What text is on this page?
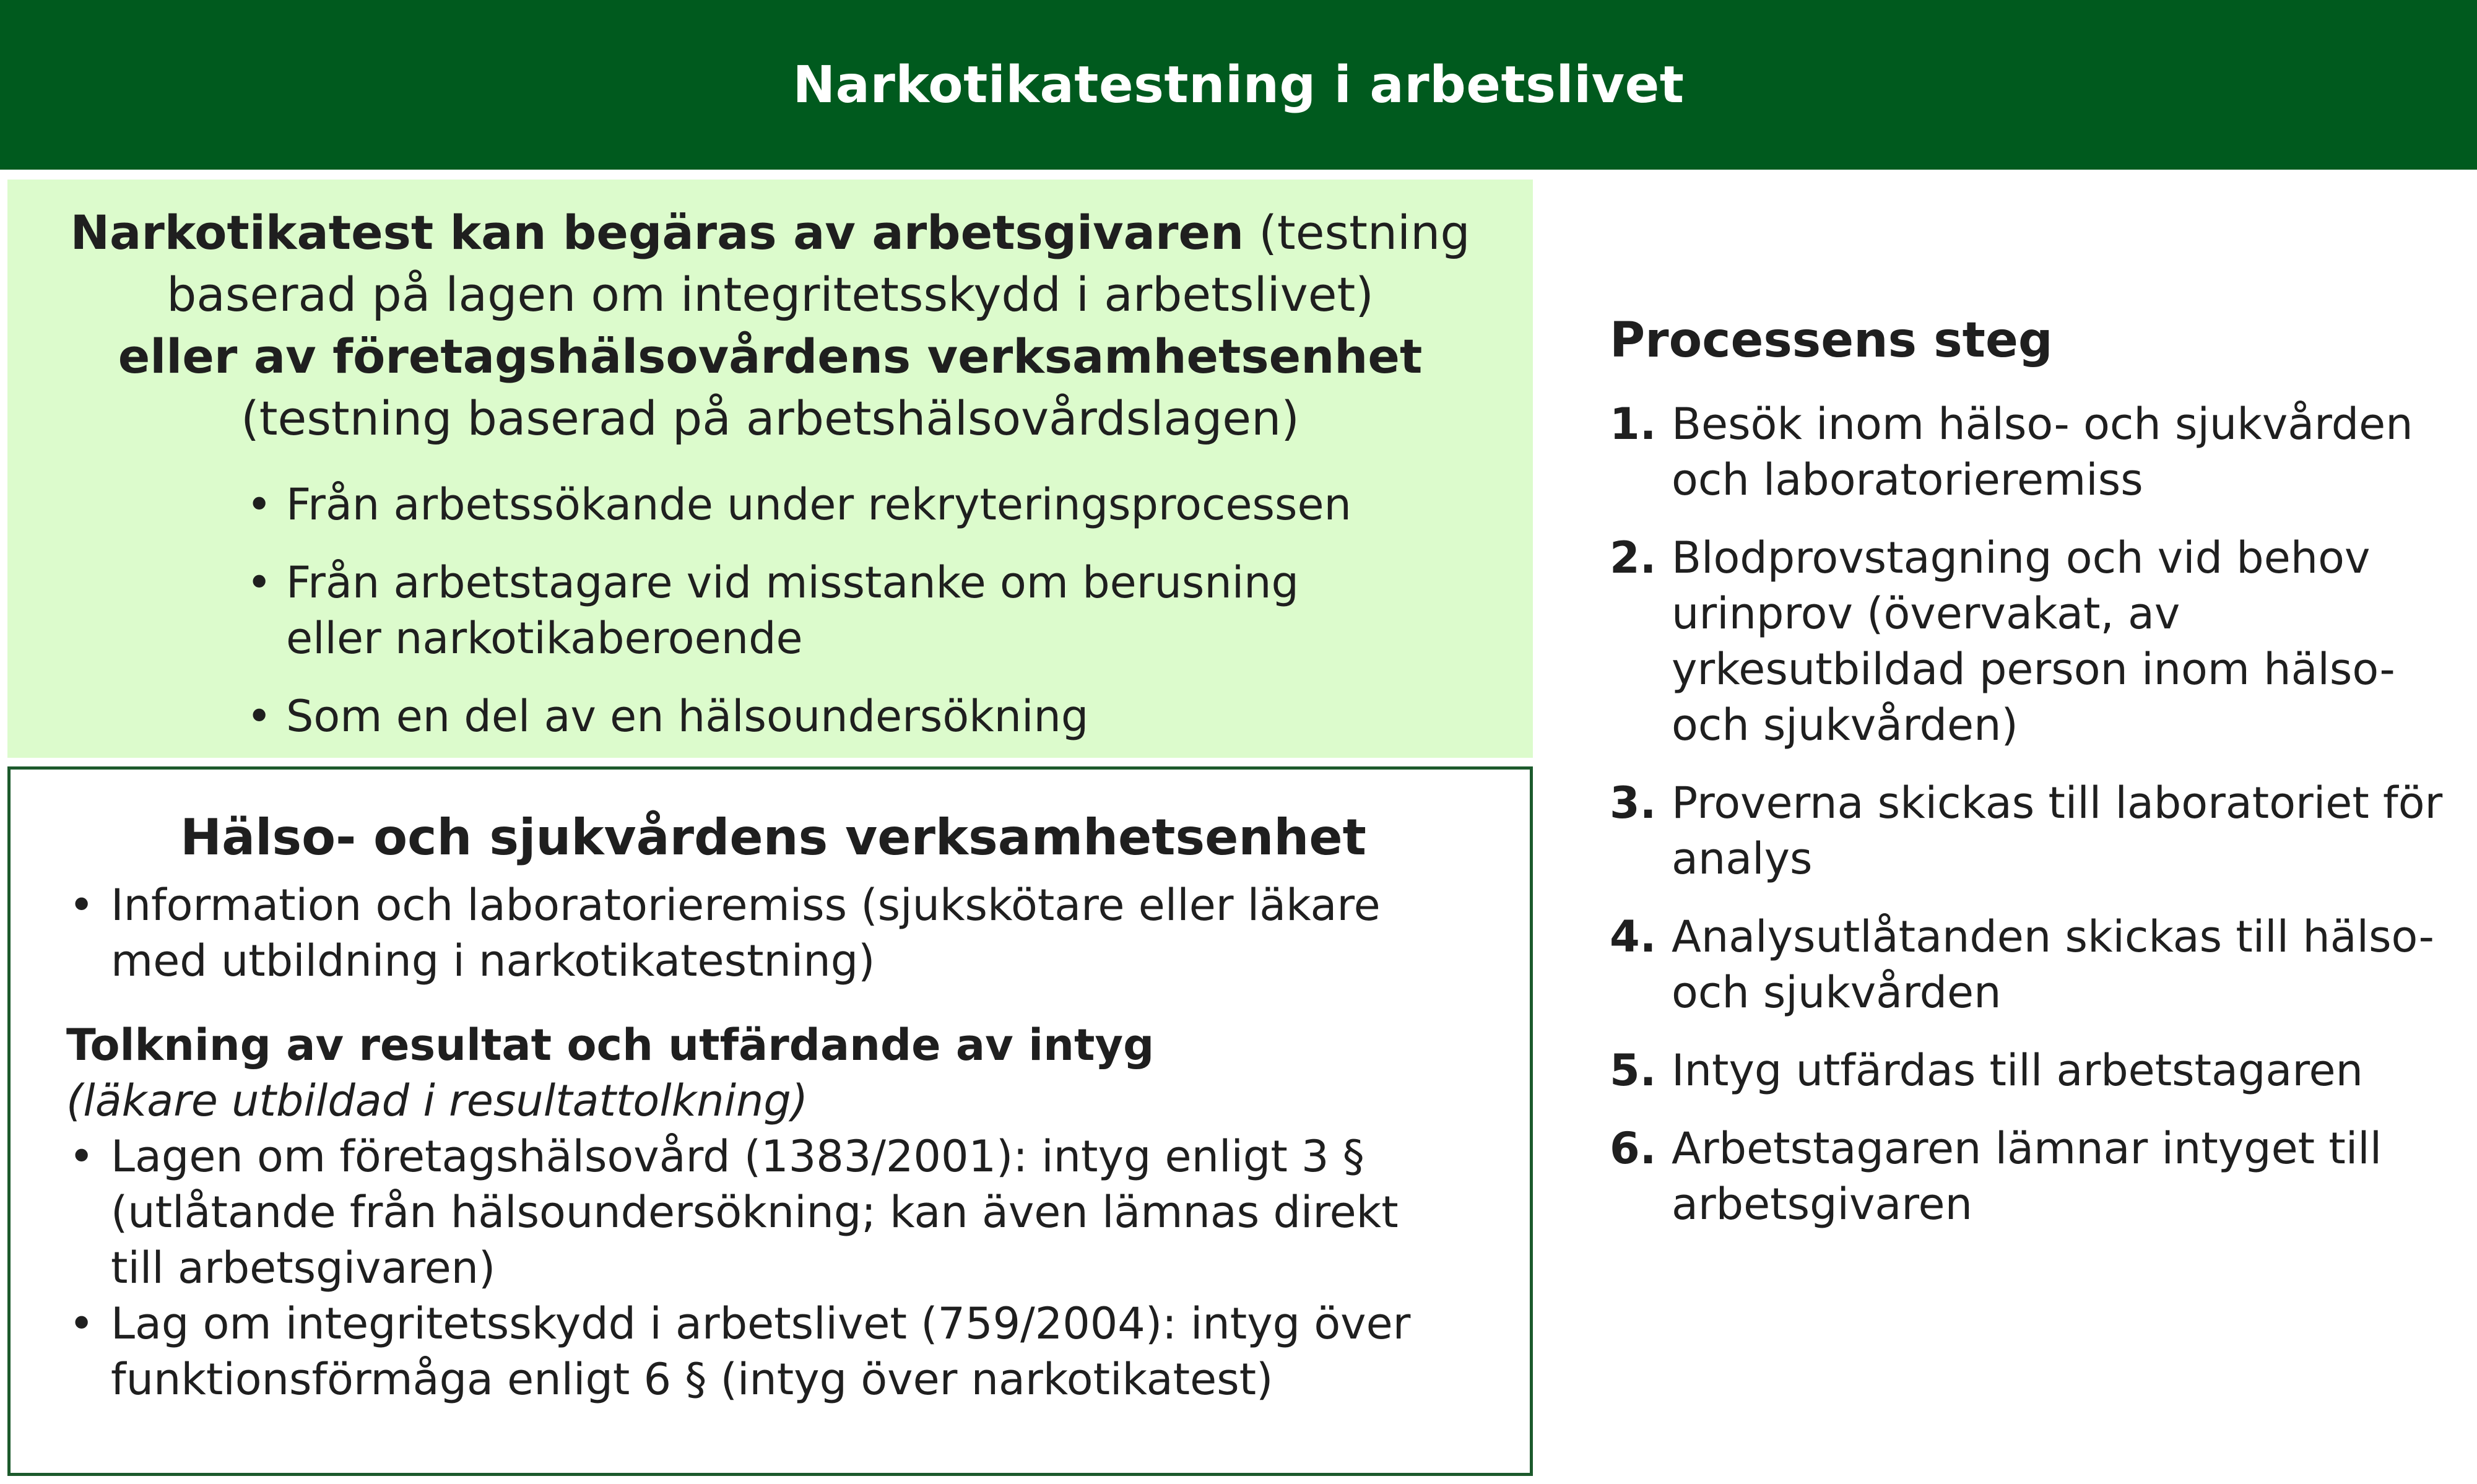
Narkotikatestning i arbetslivet

Narkotikatest kan begäras av arbetsgivaren (testning baserad på lagen om integritetsskydd i arbetslivet)
eller av företagshälsovårdens verksamhetsenhet
(testning baserad på arbetshälsovårdslagen)

• Från arbetssökande under rekryteringsprocessen
• Från arbetstagare vid misstanke om berusning eller narkotikaberoende
• Som en del av en hälsoundersökning
Hälso- och sjukvårdens verksamhetsenhet
• Information och laboratorieremiss (sjukskötare eller läkare med utbildning i narkotikatestning)
Tolkning av resultat och utfärdande av intyg
(läkare utbildad i resultattolkning)
• Lagen om företagshälsovård (1383/2001): intyg enligt 3 § (utlåtande från hälsoundersökning; kan även lämnas direkt till arbetsgivaren)
• Lag om integritetsskydd i arbetslivet (759/2004): intyg över funktionsförmåga enligt 6 § (intyg över narkotikatest)
Processens steg
1. Besök inom hälso- och sjukvården och laboratorieremiss
2. Blodprovstagning och vid behov urinprov (övervakat, av yrkesutbildad person inom hälso- och sjukvården)
3. Proverna skickas till laboratoriet för analys
4. Analysutlåtanden skickas till hälso- och sjukvården
5. Intyg utfärdas till arbetstagaren
6. Arbetstagaren lämnar intyget till arbetsgivaren
